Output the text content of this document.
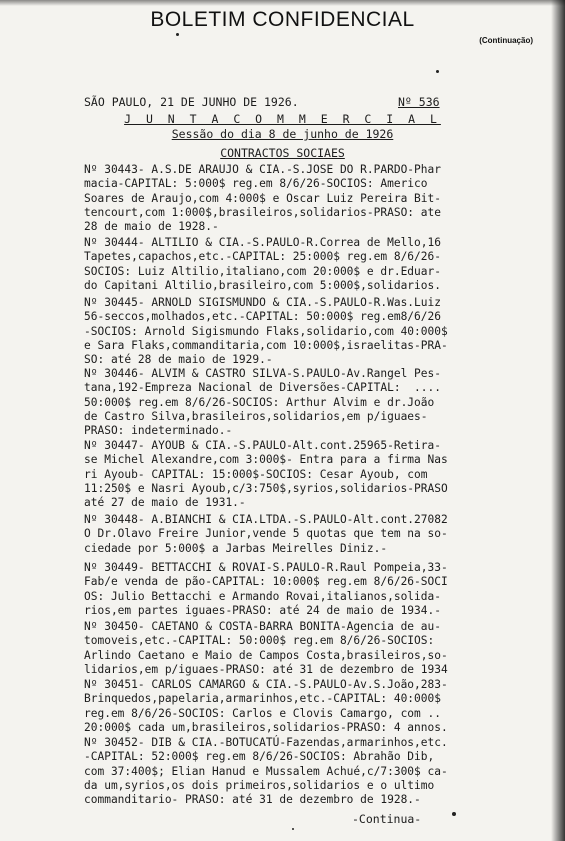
BOLETIM CONFIDENCIAL
(Continuação)
SÃO PAULO, 21 DE JUNHO DE 1926.	Nº 536
J U N T A C O M M E R C I A L
Sessão do dia 8 de junho de 1926
CONTRACTOS SOCIAES
Nº 30443- A.S.DE ARAUJO & CIA.-S.JOSE DO R.PARDO-Phar
macia-CAPITAL: 5:000$ reg.em 8/6/26-SOCIOS: Americo
Soares de Araujo,com 4:000$ e Oscar Luiz Pereira Bit-
tencourt,com 1:000$,brasileiros,solidarios-PRASO: ate
28 de maio de 1928.-
Nº 30444- ALTILIO & CIA.-S.PAULO-R.Correa de Mello,16
Tapetes,capachos,etc.-CAPITAL: 25:000$ reg.em 8/6/26-
SOCIOS: Luiz Altilio,italiano,com 20:000$ e dr.Eduar-
do Capitani Altilio,brasileiro,com 5:000$,solidarios.
Nº 30445- ARNOLD SIGISMUNDO & CIA.-S.PAULO-R.Was.Luiz
56-seccos,molhados,etc.-CAPITAL: 50:000$ reg.em8/6/26
-SOCIOS: Arnold Sigismundo Flaks,solidario,com 40:000$
e Sara Flaks,commanditaria,com 10:000$,israelitas-PRA-
SO: até 28 de maio de 1929.-
Nº 30446- ALVIM & CASTRO SILVA-S.PAULO-Av.Rangel Pes-
tana,192-Empreza Nacional de Diversões-CAPITAL:  ....
50:000$ reg.em 8/6/26-SOCIOS: Arthur Alvim e dr.João
de Castro Silva,brasileiros,solidarios,em p/iguaes-
PRASO: indeterminado.-
Nº 30447- AYOUB & CIA.-S.PAULO-Alt.cont.25965-Retira-
se Michel Alexandre,com 3:000$- Entra para a firma Nas
ri Ayoub- CAPITAL: 15:000$-SOCIOS: Cesar Ayoub, com
11:250$ e Nasri Ayoub,c/3:750$,syrios,solidarios-PRASO
até 27 de maio de 1931.-
Nº 30448- A.BIANCHI & CIA.LTDA.-S.PAULO-Alt.cont.27082
O Dr.Olavo Freire Junior,vende 5 quotas que tem na so-
ciedade por 5:000$ a Jarbas Meirelles Diniz.-
Nº 30449- BETTACCHI & ROVAI-S.PAULO-R.Raul Pompeia,33-
Fab/e venda de pão-CAPITAL: 10:000$ reg.em 8/6/26-SOCI
OS: Julio Bettacchi e Armando Rovai,italianos,solida-
rios,em partes iguaes-PRASO: até 24 de maio de 1934.-
Nº 30450- CAETANO & COSTA-BARRA BONITA-Agencia de au-
tomoveis,etc.-CAPITAL: 50:000$ reg.em 8/6/26-SOCIOS:
Arlindo Caetano e Maio de Campos Costa,brasileiros,so-
lidarios,em p/iguaes-PRASO: até 31 de dezembro de 1934
Nº 30451- CARLOS CAMARGO & CIA.-S.PAULO-Av.S.João,283-
Brinquedos,papelaria,armarinhos,etc.-CAPITAL: 40:000$
reg.em 8/6/26-SOCIOS: Carlos e Clovis Camargo, com ..
20:000$ cada um,brasileiros,solidarios-PRASO: 4 annos.
Nº 30452- DIB & CIA.-BOTUCATÚ-Fazendas,armarinhos,etc.
-CAPITAL: 52:000$ reg.em 8/6/26-SOCIOS: Abrahão Dib,
com 37:400$; Elian Hanud e Mussalem Achué,c/7:300$ ca-
da um,syrios,os dois primeiros,solidarios e o ultimo
commanditario- PRASO: até 31 de dezembro de 1928.-
-Continua-
